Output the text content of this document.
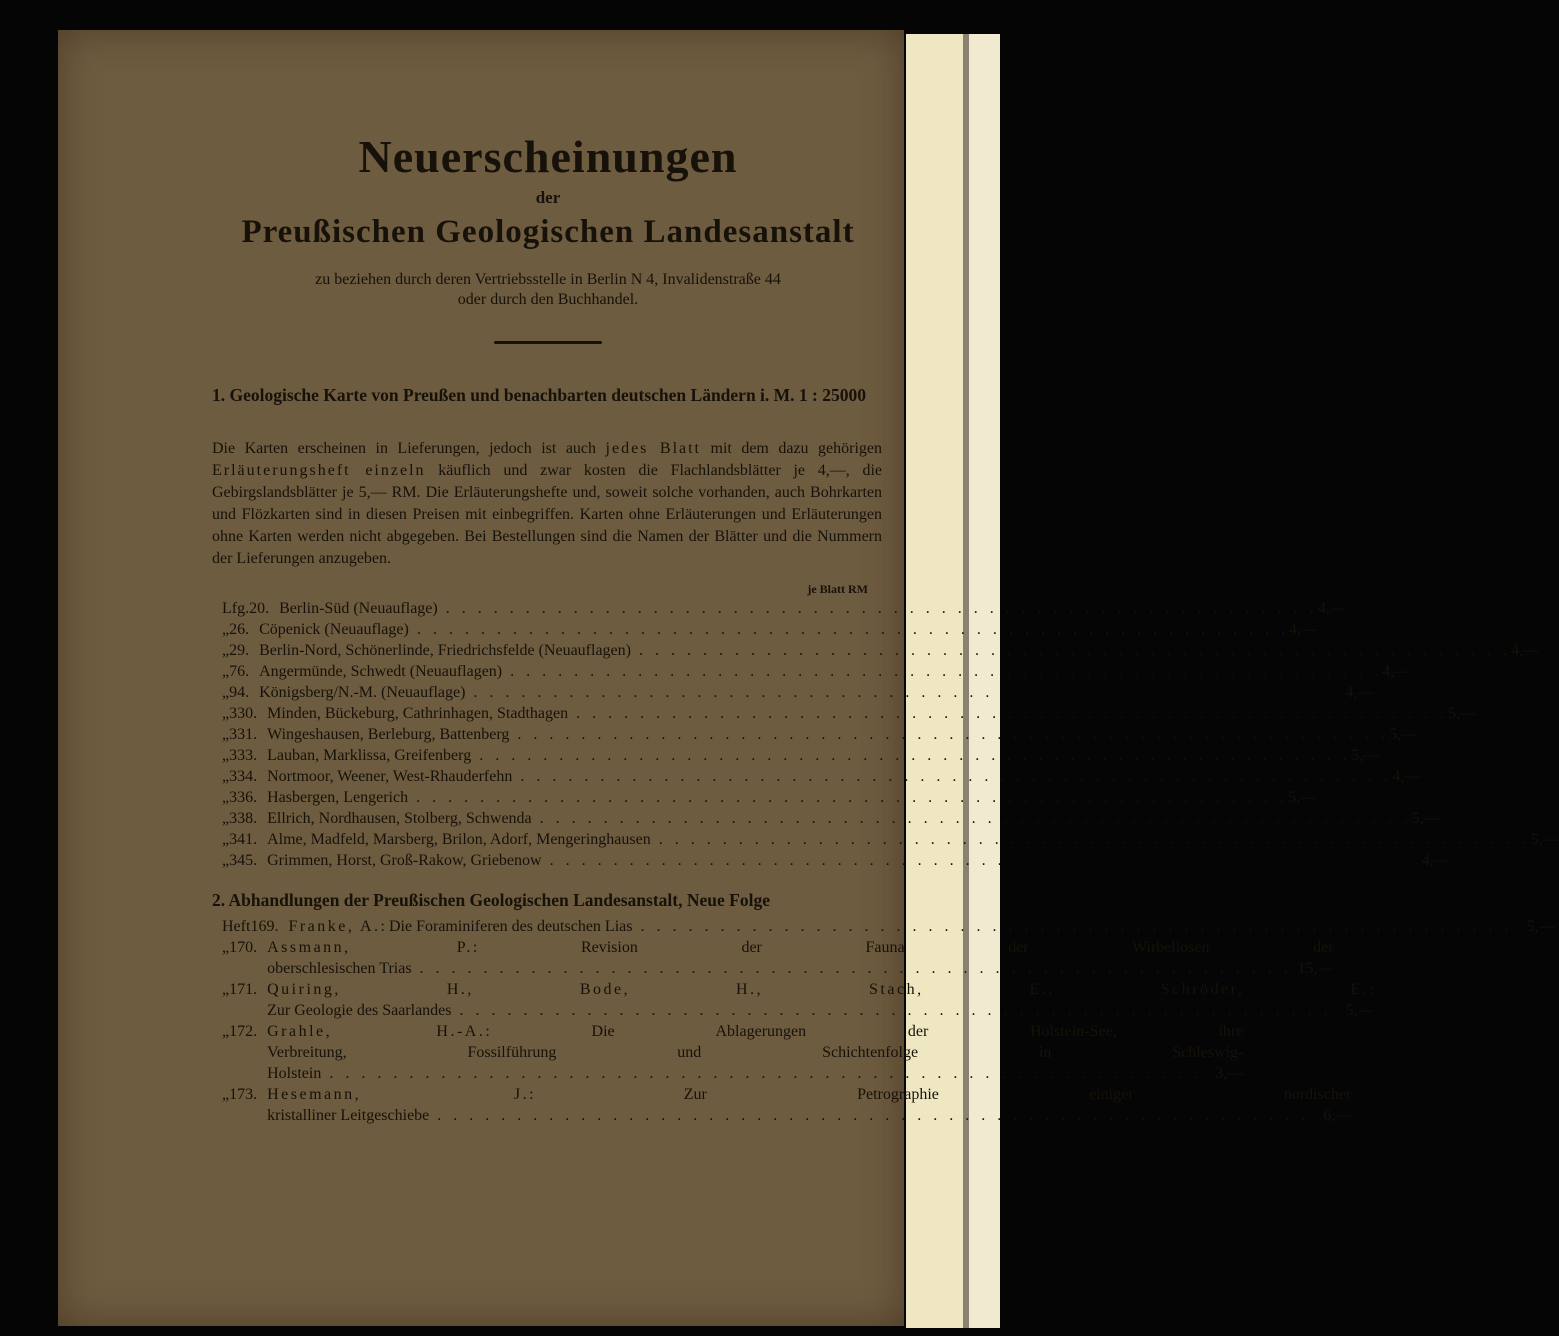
Neuerscheinungen
der
Preußischen Geologischen Landesanstalt
zu beziehen durch deren Vertriebsstelle in Berlin N 4, Invalidenstraße 44
oder durch den Buchhandel.
1. Geologische Karte von Preußen und benachbarten deutschen Ländern i. M. 1 : 25000
Die Karten erscheinen in Lieferungen, jedoch ist auch jedes Blatt mit dem dazu gehörigen Erläuterungsheft einzeln käuflich und zwar kosten die Flachlandsblätter je 4,—, die Gebirgslandsblätter je 5,— RM. Die Erläuterungshefte und, soweit solche vorhanden, auch Bohrkarten und Flözkarten sind in diesen Preisen mit einbegriffen. Karten ohne Erläuterungen und Erläuterungen ohne Karten werden nicht abgegeben. Bei Bestellungen sind die Namen der Blätter und die Nummern der Lieferungen anzugeben.
je Blatt RM
Lfg. 20. Berlin-Süd (Neuauflage) . . .	4,—
„ 26. Cöpenick (Neuauflage) . . .	4,—
„ 29. Berlin-Nord, Schönerlinde, Friedrichsfelde (Neuauflagen) . . .	4,—
„ 76. Angermünde, Schwedt (Neuauflagen) . . .	4,—
„ 94. Königsberg/N.-M. (Neuauflage) . . .	4,—
„ 330. Minden, Bückeburg, Cathrinhagen, Stadthagen . . .	5,—
„ 331. Wingeshausen, Berleburg, Battenberg . . .	5,—
„ 333. Lauban, Marklissa, Greifenberg . . .	5,—
„ 334. Nortmoor, Weener, West-Rhauderfehn . . .	4,—
„ 336. Hasbergen, Lengerich . . .	5,—
„ 338. Ellrich, Nordhausen, Stolberg, Schwenda . . .	5,—
„ 341. Alme, Madfeld, Marsberg, Brilon, Adorf, Mengeringhausen . . .	5,—
„ 345. Grimmen, Horst, Groß-Rakow, Griebenow . . .	4,—
2. Abhandlungen der Preußischen Geologischen Landesanstalt, Neue Folge
Heft 169. Franke, A.: Die Foraminiferen des deutschen Lias . . .	5,—
„ 170. Assmann, P.: Revision der Fauna der Wirbellosen der
oberschlesischen Trias . . .	15,—
„ 171. Quiring, H., Bode, H., Stach, E., Schröder, E.:
Zur Geologie des Saarlandes . . .	5,—
„ 172. Grahle, H.-A.: Die Ablagerungen der Holstein-See, ihre
Verbreitung, Fossilführung und Schichtenfolge in Schleswig-
Holstein . . .	3,—
„ 173. Hesemann, J.: Zur Petrographie einiger nordischer
kristalliner Leitgeschiebe . . .	6,—
